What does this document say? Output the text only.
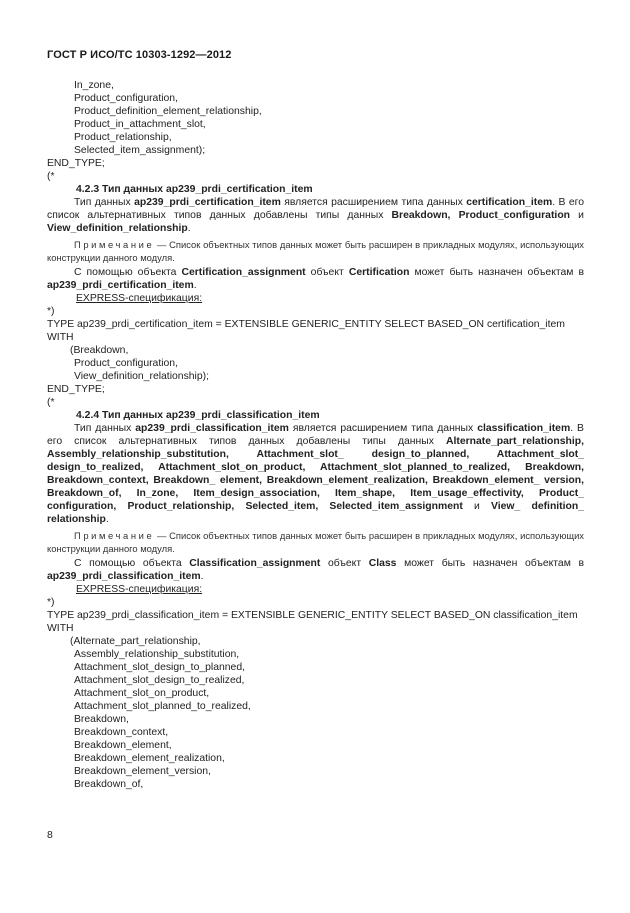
ГОСТ Р ИСО/ТС 10303-1292—2012
In_zone,
Product_configuration,
Product_definition_element_relationship,
Product_in_attachment_slot,
Product_relationship,
Selected_item_assignment);
END_TYPE;
(*
4.2.3 Тип данных ap239_prdi_certification_item
Тип данных ap239_prdi_certification_item является расширением типа данных certification_item. В его список альтернативных типов данных добавлены типы данных Breakdown, Product_configuration и View_definition_relationship.
Примечание — Список объектных типов данных может быть расширен в прикладных модулях, использующих конструкции данного модуля.
С помощью объекта Certification_assignment объект Certification может быть назначен объектам в ap239_prdi_certification_item.
EXPRESS-спецификация:
*)
TYPE ap239_prdi_certification_item = EXTENSIBLE GENERIC_ENTITY SELECT BASED_ON certification_item
WITH
(Breakdown,
Product_configuration,
View_definition_relationship);
END_TYPE;
(*
4.2.4 Тип данных ap239_prdi_classification_item
Тип данных ap239_prdi_classification_item является расширением типа данных classification_item. В его список альтернативных типов данных добавлены типы данных Alternate_part_relationship, Assembly_relationship_substitution, Attachment_slot_ design_to_planned, Attachment_slot_ design_to_realized, Attachment_slot_on_product, Attachment_slot_planned_to_realized, Breakdown, Breakdown_context, Breakdown_ element, Breakdown_element_realization, Breakdown_element_ version, Breakdown_of, In_zone, Item_design_association, Item_shape, Item_usage_effectivity, Product_ configuration, Product_relationship, Selected_item, Selected_item_assignment и View_ definition_ relationship.
Примечание — Список объектных типов данных может быть расширен в прикладных модулях, использующих конструкции данного модуля.
С помощью объекта Classification_assignment объект Class может быть назначен объектам в ap239_prdi_classification_item.
EXPRESS-спецификация:
*)
TYPE ap239_prdi_classification_item = EXTENSIBLE GENERIC_ENTITY SELECT BASED_ON classification_item
WITH
(Alternate_part_relationship,
Assembly_relationship_substitution,
Attachment_slot_design_to_planned,
Attachment_slot_design_to_realized,
Attachment_slot_on_product,
Attachment_slot_planned_to_realized,
Breakdown,
Breakdown_context,
Breakdown_element,
Breakdown_element_realization,
Breakdown_element_version,
Breakdown_of,
8
